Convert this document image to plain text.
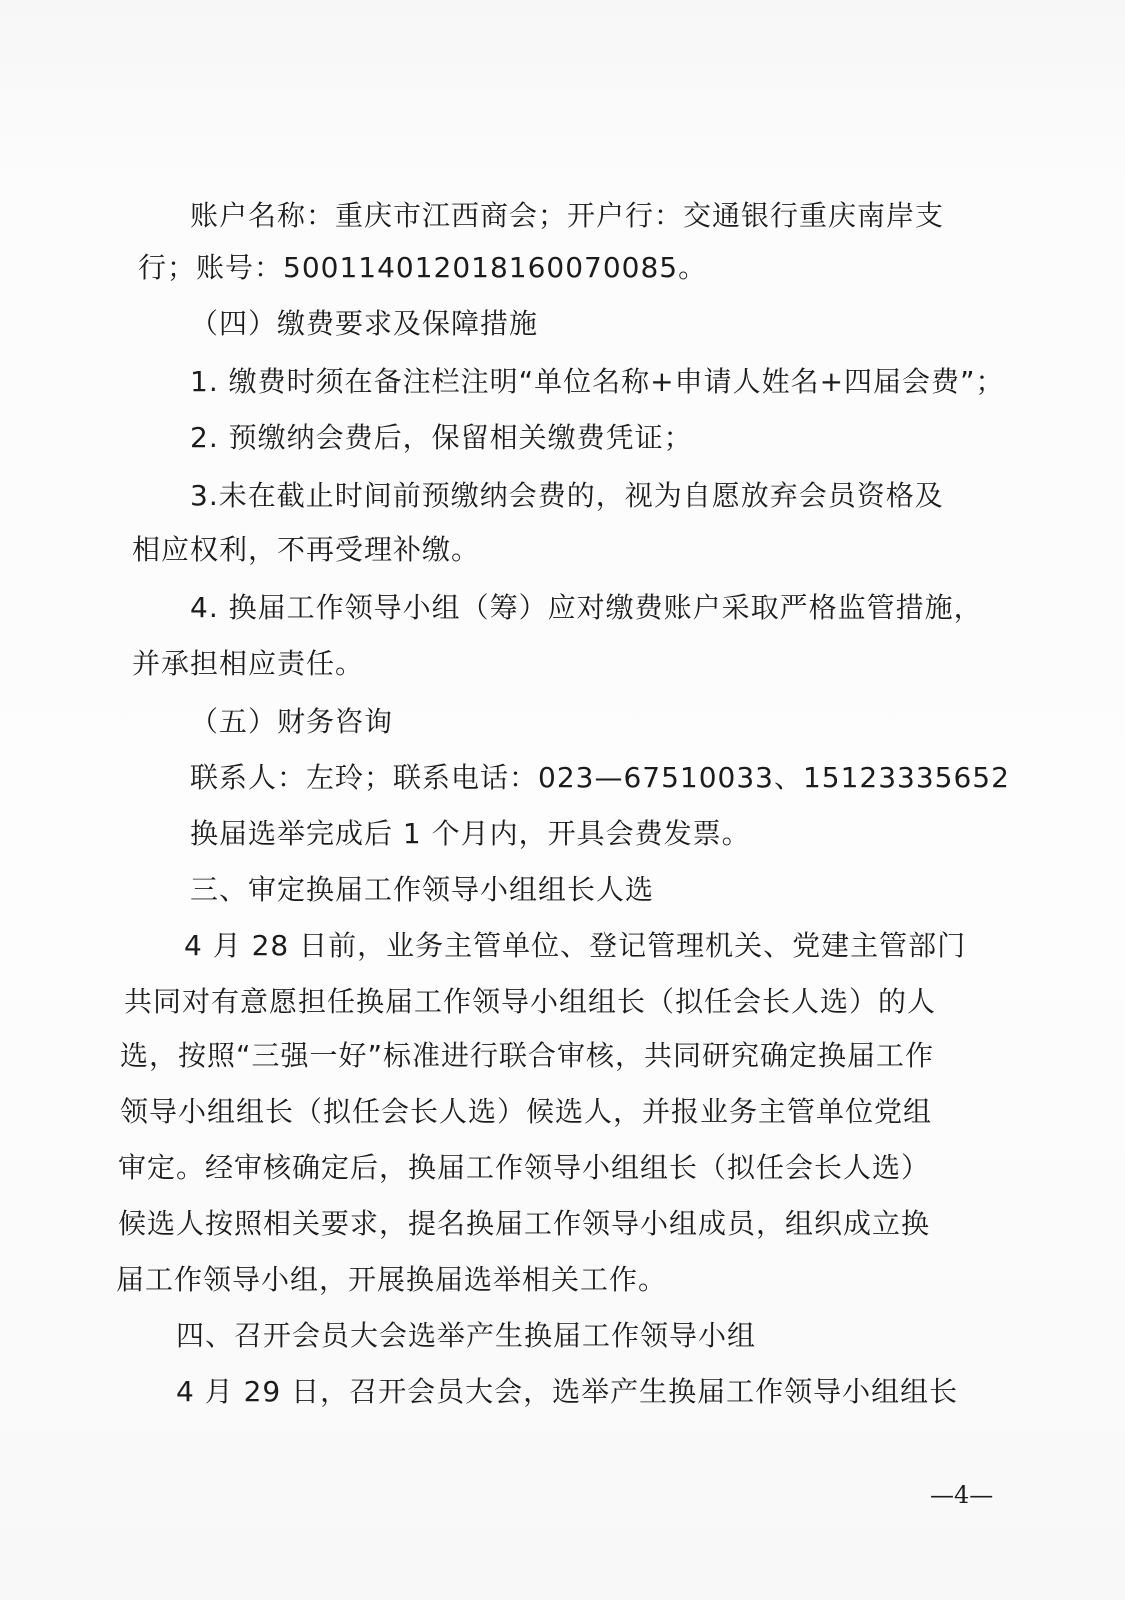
账户名称：重庆市江西商会；开户行：交通银行重庆南岸支
行；账号：500114012018160070085。
（四）缴费要求及保障措施
1. 缴费时须在备注栏注明“单位名称+申请人姓名+四届会费”；
2. 预缴纳会费后，保留相关缴费凭证；
3.未在截止时间前预缴纳会费的，视为自愿放弃会员资格及
相应权利，不再受理补缴。
4. 换届工作领导小组（筹）应对缴费账户采取严格监管措施，
并承担相应责任。
（五）财务咨询
联系人：左玲；联系电话：023—67510033、15123335652
换届选举完成后 1 个月内，开具会费发票。
三、审定换届工作领导小组组长人选
4 月 28 日前，业务主管单位、登记管理机关、党建主管部门
共同对有意愿担任换届工作领导小组组长（拟任会长人选）的人
选，按照“三强一好”标准进行联合审核，共同研究确定换届工作
领导小组组长（拟任会长人选）候选人，并报业务主管单位党组
审定。经审核确定后，换届工作领导小组组长（拟任会长人选）
候选人按照相关要求，提名换届工作领导小组成员，组织成立换
届工作领导小组，开展换届选举相关工作。
四、召开会员大会选举产生换届工作领导小组
4 月 29 日，召开会员大会，选举产生换届工作领导小组组长
—4—
